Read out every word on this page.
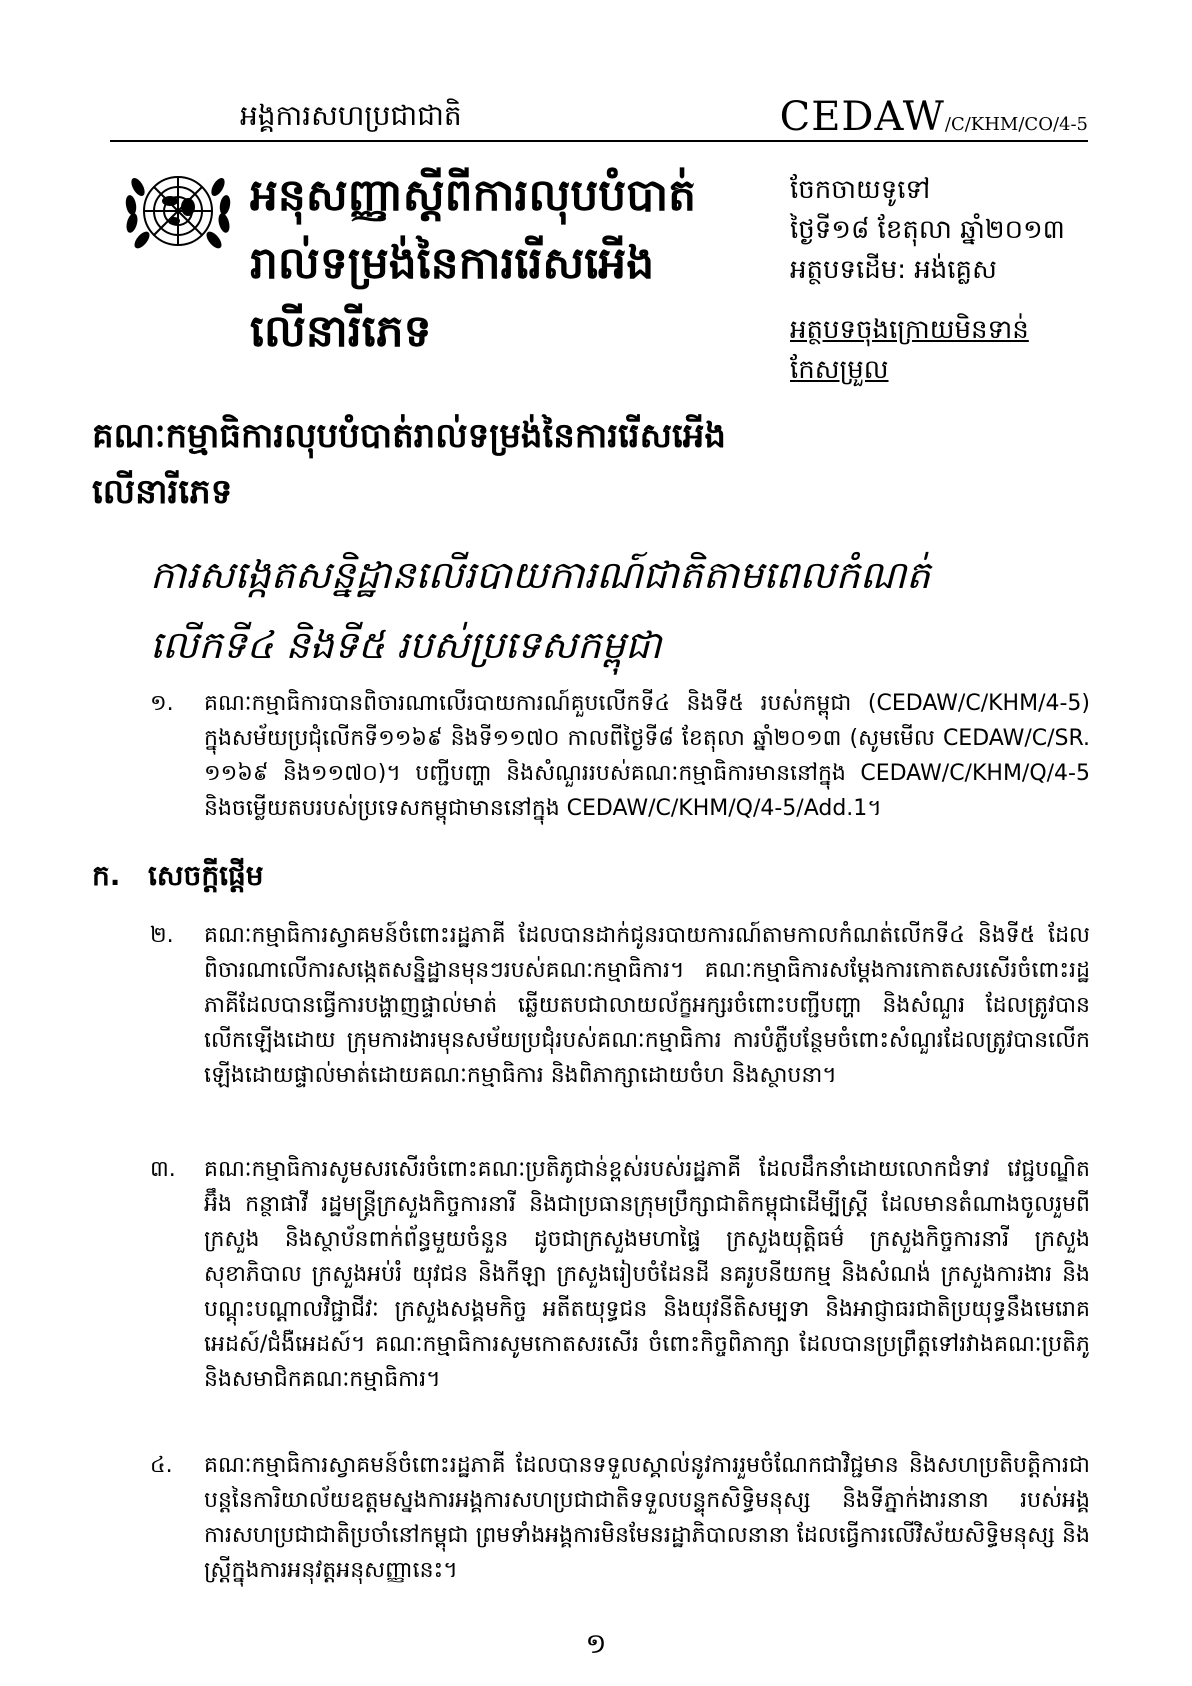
អង្គការសហប្រជាជាតិ	CEDAW/C/KHM/CO/4-5
អនុសញ្ញាស្តីពីការលុបបំបាត់
រាល់ទម្រង់នៃការរើសអើង
លើនារីភេទ
ចែកចាយទូទៅ
ថ្ងៃទី១៨ ខែតុលា ឆ្នាំ២០១៣
អត្ថបទដើម: អង់គ្លេស
អត្ថបទចុងក្រោយមិនទាន់
កែសម្រួល
គណៈកម្មាធិការលុបបំបាត់រាល់ទម្រង់នៃការរើសអើង
លើនារីភេទ
ការសង្កេតសន្និដ្ឋានលើរបាយការណ៍ជាតិតាមពេលកំណត់
លើកទី៤ និងទី៥ របស់ប្រទេសកម្ពុជា
១.	គណៈកម្មាធិការបានពិចារណាលើរបាយការណ៍គួបលើកទី៤ និងទី៥ របស់កម្ពុជា (CEDAW/C/KHM/4-5) ក្នុងសម័យប្រជុំលើកទី១១៦៩ និងទី១១៧០ កាលពីថ្ងៃទី៨ ខែតុលា ឆ្នាំ២០១៣ (សូមមើល CEDAW/C/SR. ១១៦៩ និង១១៧០)។ បញ្ជីបញ្ហា និងសំណួររបស់គណៈកម្មាធិការមាននៅក្នុង CEDAW/C/KHM/Q/4-5 និងចម្លើយតបរបស់ប្រទេសកម្ពុជាមាននៅក្នុង CEDAW/C/KHM/Q/4-5/Add.1។
ក. សេចក្តីផ្តើម
២.	គណៈកម្មាធិការស្វាគមន៍ចំពោះរដ្ឋភាគី ដែលបានដាក់ជូនរបាយការណ៍តាមកាលកំណត់លើកទី៤ និងទី៥ ដែលពិចារណាលើការសង្កេតសន្និដ្ឋានមុនៗរបស់គណៈកម្មាធិការ។ គណៈកម្មាធិការសម្តែងការកោតសរសើរចំពោះរដ្ឋភាគីដែលបានធ្វើការបង្ហាញផ្ទាល់មាត់ ឆ្លើយតបជាលាយល័ក្ខអក្សរចំពោះបញ្ជីបញ្ហា និងសំណួរ ដែលត្រូវបានលើកឡើងដោយ ក្រុមការងារមុនសម័យប្រជុំរបស់គណៈកម្មាធិការ ការបំភ្លឺបន្ថែមចំពោះសំណួរដែលត្រូវបានលើកឡើងដោយផ្ទាល់មាត់ដោយគណៈកម្មាធិការ និងពិភាក្សាដោយចំហ និងស្ថាបនា។
៣.	គណៈកម្មាធិការសូមសរសើរចំពោះគណៈប្រតិភូជាន់ខ្ពស់របស់រដ្ឋភាគី ដែលដឹកនាំដោយលោកជំទាវ វេជ្ជបណ្ឌិត អ៊ឹង កន្ថាផាវី រដ្ឋមន្ត្រីក្រសួងកិច្ចការនារី និងជាប្រធានក្រុមប្រឹក្សាជាតិកម្ពុជាដើម្បីស្ត្រី ដែលមានតំណាងចូលរួមពីក្រសួង និងស្ថាប័នពាក់ព័ន្ធមួយចំនួន ដូចជាក្រសួងមហាផ្ទៃ ក្រសួងយុត្តិធម៌ ក្រសួងកិច្ចការនារី ក្រសួងសុខាភិបាល ក្រសួងអប់រំ យុវជន និងកីឡា ក្រសួងរៀបចំដែនដី នគរូបនីយកម្ម និងសំណង់ ក្រសួងការងារ និងបណ្តុះបណ្តាលវិជ្ជាជីវៈ ក្រសួងសង្គមកិច្ច អតីតយុទ្ធជន និងយុវនីតិសម្បទា និងអាជ្ញាធរជាតិប្រយុទ្ធនឹងមេរោគអេដស៍/ជំងឺអេដស៍។ គណៈកម្មាធិការសូមកោតសរសើរ ចំពោះកិច្ចពិភាក្សា ដែលបានប្រព្រឹត្តទៅរវាងគណៈប្រតិភូ និងសមាជិកគណៈកម្មាធិការ។
៤.	គណៈកម្មាធិការស្វាគមន៍ចំពោះរដ្ឋភាគី ដែលបានទទួលស្គាល់នូវការរួមចំណែកជាវិជ្ជមាន និងសហប្រតិបត្តិការជាបន្តនៃការិយាល័យឧត្តមស្នងការអង្គការសហប្រជាជាតិទទួលបន្ទុកសិទ្ធិមនុស្ស និងទីភ្នាក់ងារនានា របស់អង្គការសហប្រជាជាតិប្រចាំនៅកម្ពុជា ព្រមទាំងអង្គការមិនមែនរដ្ឋាភិបាលនានា ដែលធ្វើការលើវិស័យសិទ្ធិមនុស្ស និងស្ត្រីក្នុងការអនុវត្តអនុសញ្ញានេះ។
១
